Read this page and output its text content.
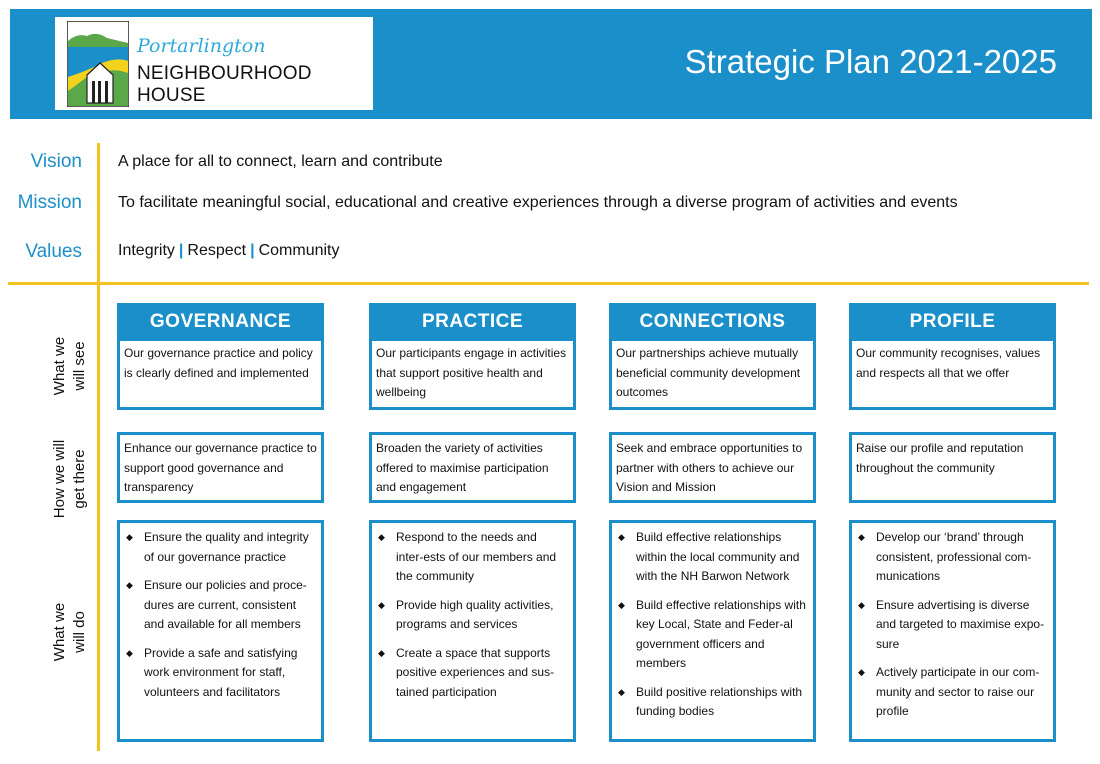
Portarlington
NEIGHBOURHOOD HOUSE
Strategic Plan 2021-2025
Vision A place for all to connect, learn and contribute
Mission To facilitate meaningful social, educational and creative experiences through a diverse program of activities and events
Values Integrity | Respect | Community
What we will see
How we will get there
What we will do
GOVERNANCE
Our governance practice and policy is clearly defined and implemented
Enhance our governance practice to support good governance and transparency
◆ Ensure the quality and integrity of our governance practice
◆ Ensure our policies and proce-dures are current, consistent and available for all members
◆ Provide a safe and satisfying work environment for staff, volunteers and facilitators
PRACTICE
Our participants engage in activities that support positive health and wellbeing
Broaden the variety of activities offered to maximise participation and engagement
◆ Respond to the needs and inter-ests of our members and the community
◆ Provide high quality activities, programs and services
◆ Create a space that supports positive experiences and sus-tained participation
CONNECTIONS
Our partnerships achieve mutually beneficial community development outcomes
Seek and embrace opportunities to partner with others to achieve our Vision and Mission
◆ Build effective relationships within the local community and with the NH Barwon Network
◆ Build effective relationships with key Local, State and Feder-al government officers and members
◆ Build positive relationships with funding bodies
PROFILE
Our community recognises, values and respects all that we offer
Raise our profile and reputation throughout the community
◆ Develop our ‘brand’ through consistent, professional com-munications
◆ Ensure advertising is diverse and targeted to maximise expo-sure
◆ Actively participate in our com-munity and sector to raise our profile
